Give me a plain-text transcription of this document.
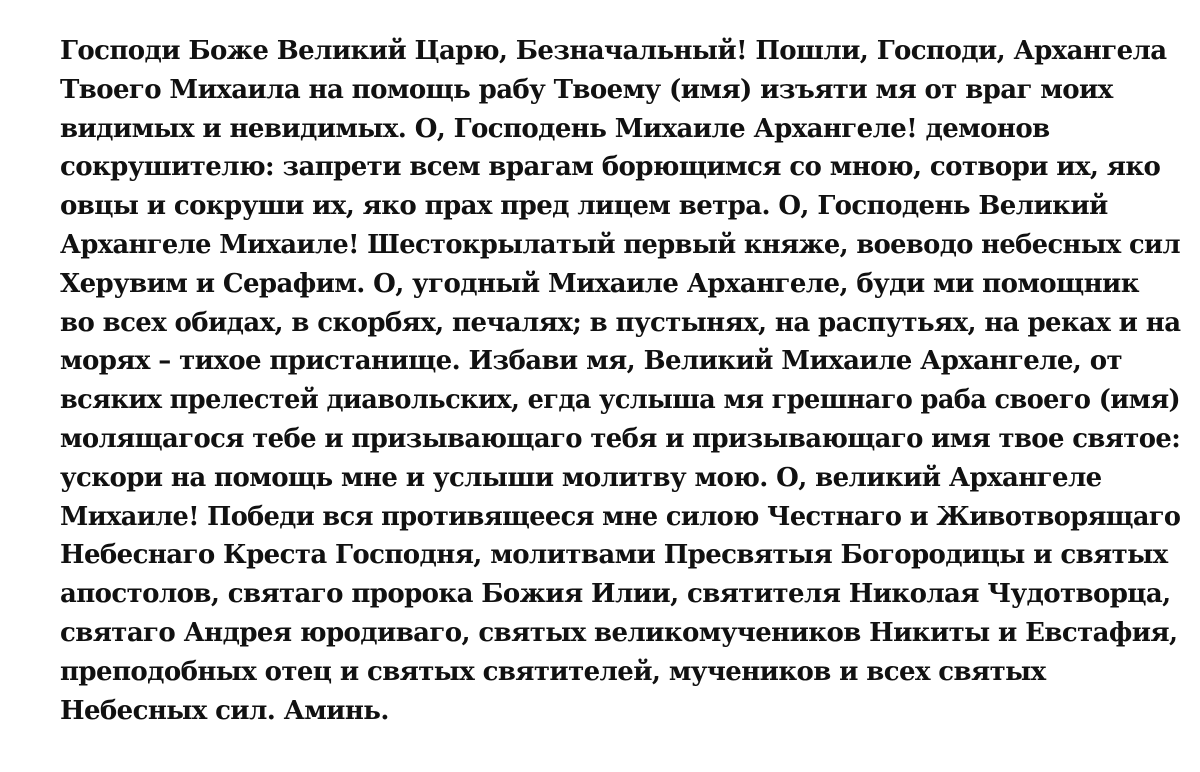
Господи Боже Великий Царю, Безначальный! Пошли, Господи, Архангела
Твоего Михаила на помощь рабу Твоему (имя) изъяти мя от враг моих
видимых и невидимых. О, Господень Михаиле Архангеле! демонов
сокрушителю: запрети всем врагам борющимся со мною, сотвори их, яко
овцы и сокруши их, яко прах пред лицем ветра. О, Господень Великий
Архангеле Михаиле! Шестокрылатый первый княже, воеводо небесных сил
Херувим и Серафим. О, угодный Михаиле Архангеле, буди ми помощник
во всех обидах, в скорбях, печалях; в пустынях, на распутьях, на реках и на
морях – тихое пристанище. Избави мя, Великий Михаиле Архангеле, от
всяких прелестей диавольских, егда услыша мя грешнаго раба своего (имя)
молящагося тебе и призывающаго тебя и призывающаго имя твое святое:
ускори на помощь мне и услыши молитву мою. О, великий Архангеле
Михаиле! Победи вся противящееся мне силою Честнаго и Животворящаго
Небеснаго Креста Господня, молитвами Пресвятыя Богородицы и святых
апостолов, святаго пророка Божия Илии, святителя Николая Чудотворца,
святаго Андрея юродиваго, святых великомучеников Никиты и Евстафия,
преподобных отец и святых святителей, мучеников и всех святых
Небесных сил. Аминь.
